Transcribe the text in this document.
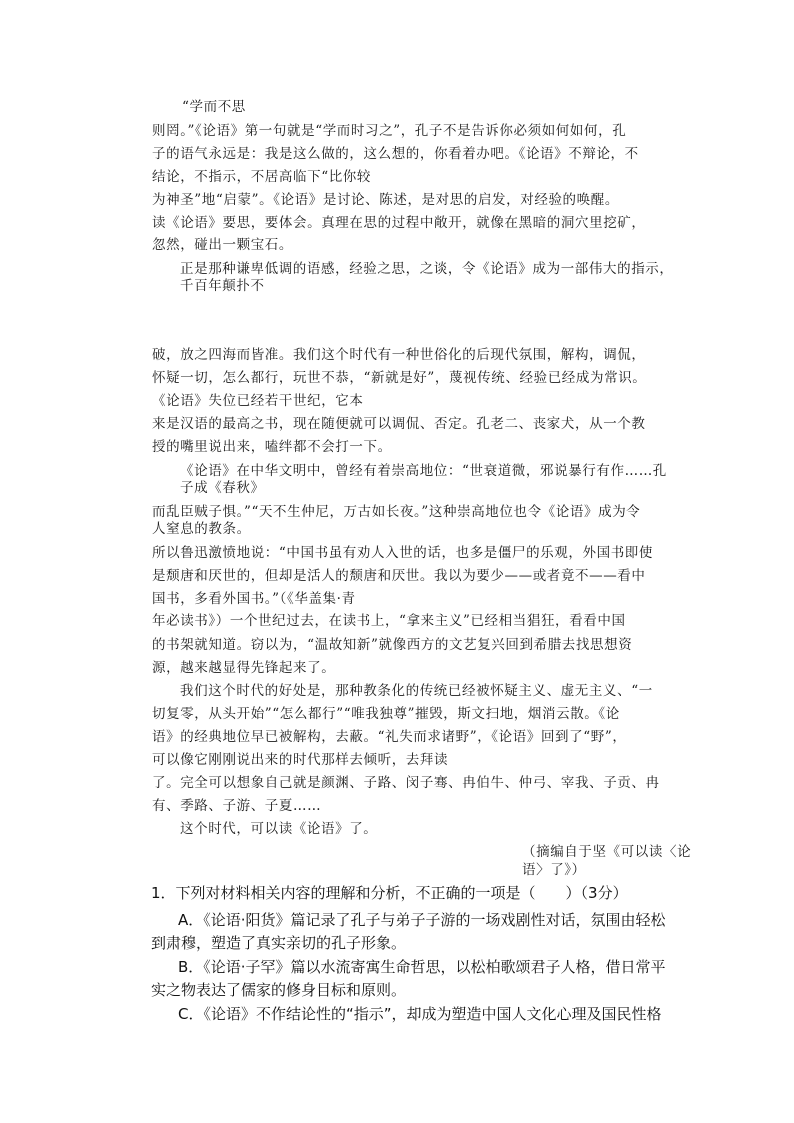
“学而不思
则罔。”《论语》第一句就是“学而时习之”，孔子不是告诉你必须如何如何，孔
子的语气永远是：我是这么做的，这么想的，你看着办吧。《论语》不辩论，不
结论，不指示，不居高临下“比你较
为神圣”地“启蒙”。《论语》是讨论、陈述，是对思的启发，对经验的唤醒。
读《论语》要思，要体会。真理在思的过程中敞开，就像在黑暗的洞穴里挖矿，
忽然，碰出一颗宝石。
正是那种谦卑低调的语感，经验之思，之谈，令《论语》成为一部伟大的指示，
千百年颠扑不
破，放之四海而皆准。我们这个时代有一种世俗化的后现代氛围，解构，调侃，
怀疑一切，怎么都行，玩世不恭，“新就是好”，蔑视传统、经验已经成为常识。
《论语》失位已经若干世纪，它本
来是汉语的最高之书，现在随便就可以调侃、否定。孔老二、丧家犬，从一个教
授的嘴里说出来，嗑绊都不会打一下。
《论语》在中华文明中，曾经有着崇高地位：“世衰道微，邪说暴行有作……孔
子成《春秋》
而乱臣贼子惧。”“天不生仲尼，万古如长夜。”这种崇高地位也令《论语》成为令
人窒息的教条。
所以鲁迅激愤地说：“中国书虽有劝人入世的话，也多是僵尸的乐观，外国书即使
是颓唐和厌世的，但却是活人的颓唐和厌世。我以为要少——或者竟不——看中
国书，多看外国书。”（《华盖集·青
年必读书》）一个世纪过去，在读书上，“拿来主义”已经相当猖狂，看看中国
的书架就知道。窃以为，“温故知新”就像西方的文艺复兴回到希腊去找思想资
源，越来越显得先锋起来了。
我们这个时代的好处是，那种教条化的传统已经被怀疑主义、虚无主义、“一
切复零，从头开始”“怎么都行”“唯我独尊”摧毁，斯文扫地，烟消云散。《论
语》的经典地位早已被解构，去蔽。“礼失而求诸野”，《论语》回到了“野”，
可以像它刚刚说出来的时代那样去倾听，去拜读
了。完全可以想象自己就是颜渊、子路、闵子骞、冉伯牛、仲弓、宰我、子贡、冉
有、季路、子游、子夏……
这个时代，可以读《论语》了。
（摘编自于坚《可以读〈论
语〉了》）
1．下列对材料相关内容的理解和分析，不正确的一项是（　　）（3分）
A．《论语·阳货》篇记录了孔子与弟子子游的一场戏剧性对话，氛围由轻松
到肃穆，塑造了真实亲切的孔子形象。
B．《论语·子罕》篇以水流寄寓生命哲思，以松柏歌颂君子人格，借日常平
实之物表达了儒家的修身目标和原则。
C．《论语》不作结论性的“指示”，却成为塑造中国人文化心理及国民性格
